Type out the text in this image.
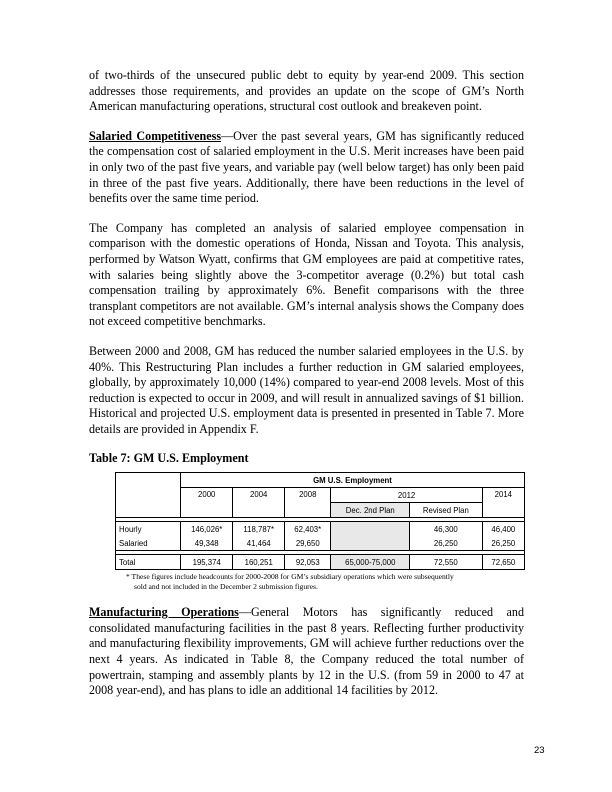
of two-thirds of the unsecured public debt to equity by year-end 2009. This section addresses those requirements, and provides an update on the scope of GM’s North American manufacturing operations, structural cost outlook and breakeven point.

Salaried Competitiveness—Over the past several years, GM has significantly reduced the compensation cost of salaried employment in the U.S. Merit increases have been paid in only two of the past five years, and variable pay (well below target) has only been paid in three of the past five years. Additionally, there have been reductions in the level of benefits over the same time period.

The Company has completed an analysis of salaried employee compensation in comparison with the domestic operations of Honda, Nissan and Toyota. This analysis, performed by Watson Wyatt, confirms that GM employees are paid at competitive rates, with salaries being slightly above the 3-competitor average (0.2%) but total cash compensation trailing by approximately 6%. Benefit comparisons with the three transplant competitors are not available. GM’s internal analysis shows the Company does not exceed competitive benchmarks.

Between 2000 and 2008, GM has reduced the number salaried employees in the U.S. by 40%. This Restructuring Plan includes a further reduction in GM salaried employees, globally, by approximately 10,000 (14%) compared to year-end 2008 levels. Most of this reduction is expected to occur in 2009, and will result in annualized savings of $1 billion. Historical and projected U.S. employment data is presented in presented in Table 7. More details are provided in Appendix F.

Table 7: GM U.S. Employment
	GM U.S. Employment					
	2000	2004	2008	2012		2014
				Dec. 2nd Plan	Revised Plan	

Hourly	146,026*	118,787*	62,403*		46,300	46,400
Salaried	49,348	41,464	29,650		26,250	26,250

Total	195,374	160,251	92,053	65,000-75,000	72,550	72,650
* These figures include headcounts for 2000-2008 for GM’s subsidiary operations which were subsequently sold and not included in the December 2 submission figures.

Manufacturing Operations—General Motors has significantly reduced and consolidated manufacturing facilities in the past 8 years. Reflecting further productivity and manufacturing flexibility improvements, GM will achieve further reductions over the next 4 years. As indicated in Table 8, the Company reduced the total number of powertrain, stamping and assembly plants by 12 in the U.S. (from 59 in 2000 to 47 at 2008 year-end), and has plans to idle an additional 14 facilities by 2012.

23
